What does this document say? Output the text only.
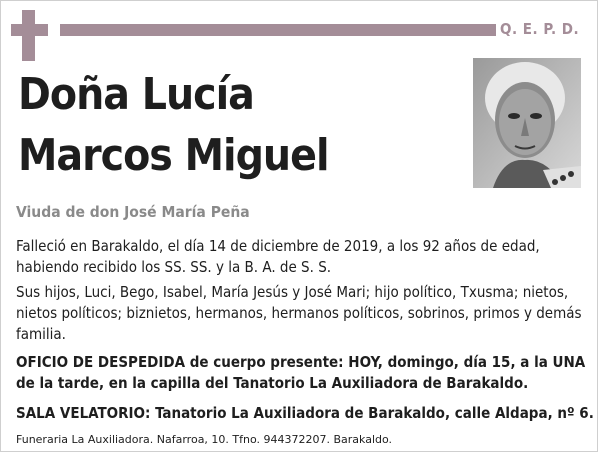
Q. E. P. D.
Doña Lucía
Marcos Miguel
Viuda de don José María Peña
Falleció en Barakaldo, el día 14 de diciembre de 2019, a los 92 años de edad, habiendo recibido los SS. SS. y la B. A. de S. S.
Sus hijos, Luci, Bego, Isabel, María Jesús y José Mari; hijo político, Txusma; nietos, nietos políticos; biznietos, hermanos, hermanos políticos, sobrinos, primos y demás familia.
OFICIO DE DESPEDIDA de cuerpo presente: HOY, domingo, día 15, a la UNA de la tarde, en la capilla del Tanatorio La Auxiliadora de Barakaldo.
SALA VELATORIO: Tanatorio La Auxiliadora de Barakaldo, calle Aldapa, nº 6.
Funeraria La Auxiliadora. Nafarroa, 10. Tfno. 944372207. Barakaldo.
